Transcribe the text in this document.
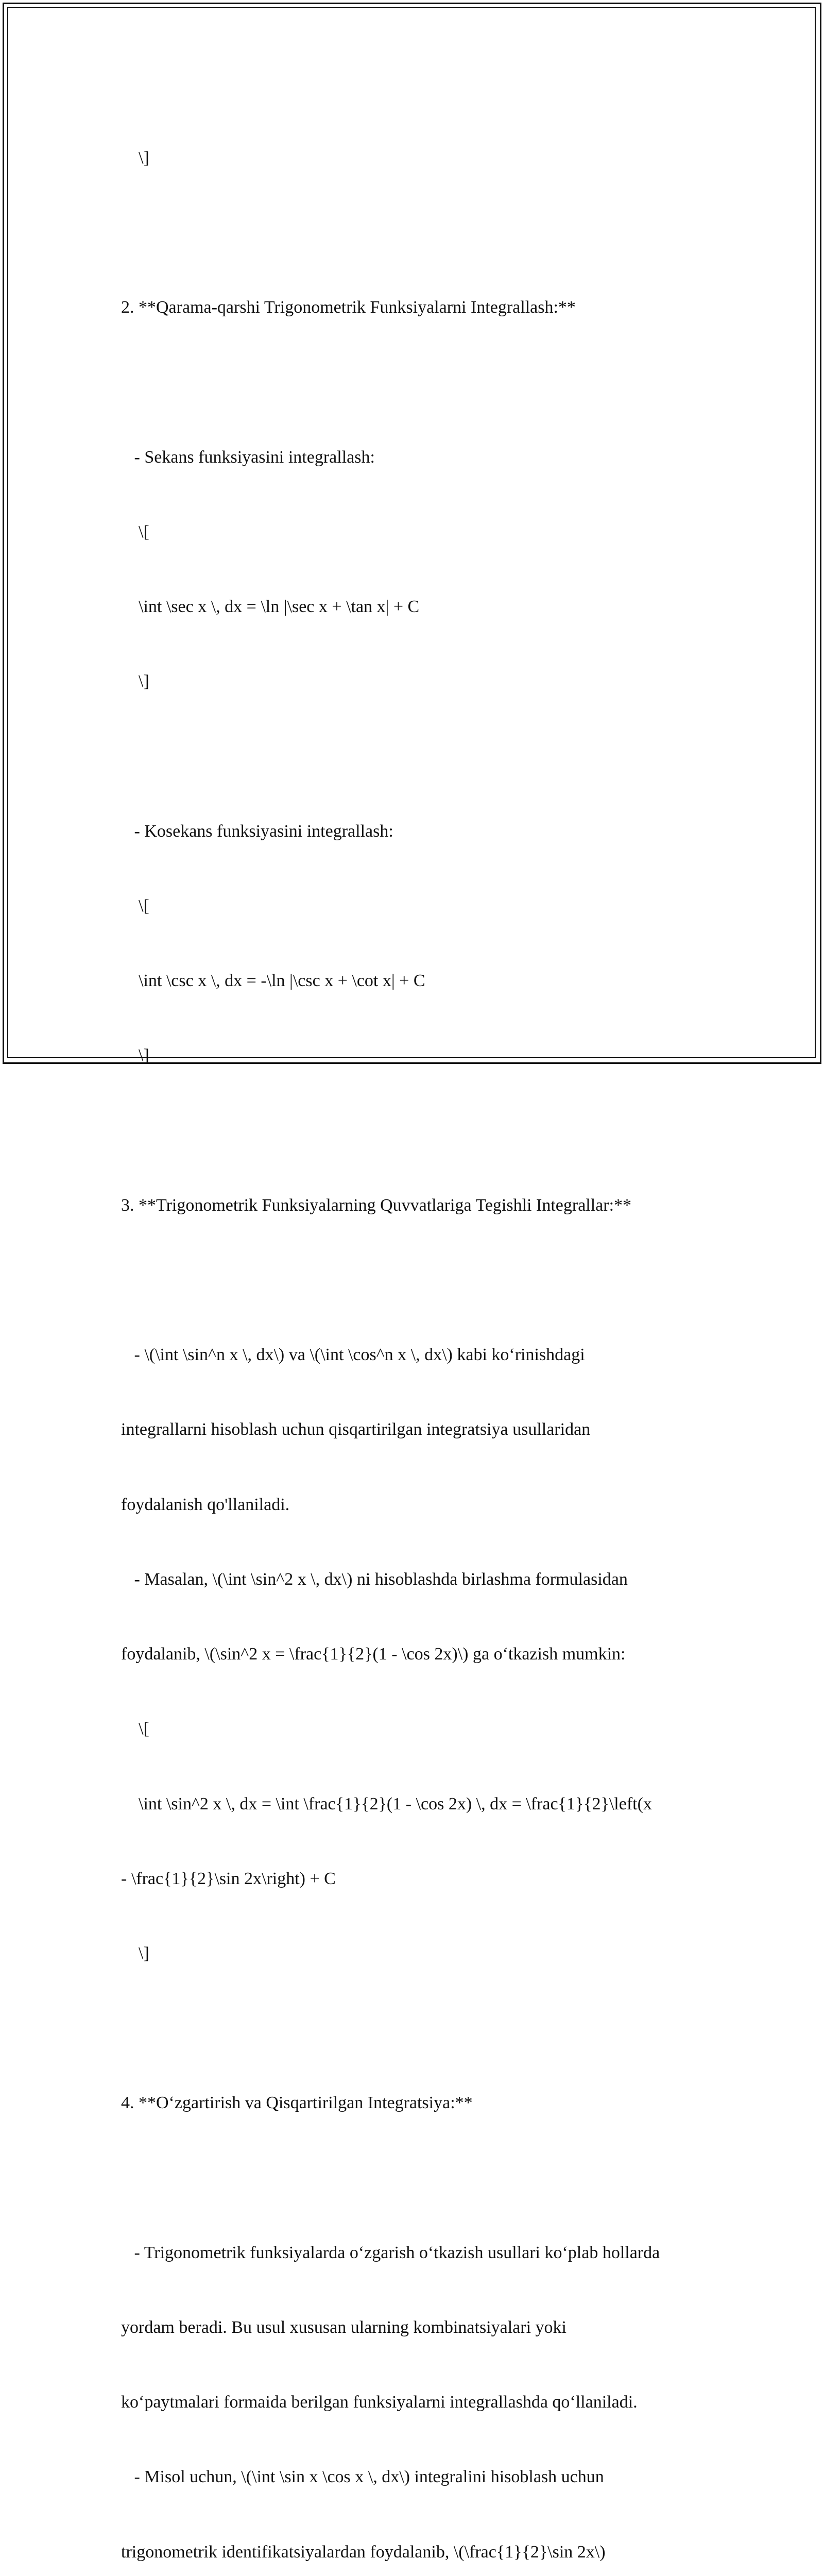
\]

2. **Qarama-qarshi Trigonometrik Funksiyalarni Integrallash:**

- Sekans funksiyasini integrallash:

\[

\int \sec x \, dx = \ln |\sec x + \tan x| + C

\]

- Kosekans funksiyasini integrallash:

\[

\int \csc x \, dx = -\ln |\csc x + \cot x| + C

\]

3. **Trigonometrik Funksiyalarning Quvvatlariga Tegishli Integrallar:**

- \(\int \sin^n x \, dx\) va \(\int \cos^n x \, dx\) kabi koʻrinishdagi

integrallarni hisoblash uchun qisqartirilgan integratsiya usullaridan

foydalanish qo'llaniladi.

- Masalan, \(\int \sin^2 x \, dx\) ni hisoblashda birlashma formulasidan

foydalanib, \(\sin^2 x = \frac{1}{2}(1 - \cos 2x)\) ga oʻtkazish mumkin:

\[

\int \sin^2 x \, dx = \int \frac{1}{2}(1 - \cos 2x) \, dx = \frac{1}{2}\left(x

- \frac{1}{2}\sin 2x\right) + C

\]

4. **Oʻzgartirish va Qisqartirilgan Integratsiya:**

- Trigonometrik funksiyalarda oʻzgarish oʻtkazish usullari koʻplab hollarda

yordam beradi. Bu usul xususan ularning kombinatsiyalari yoki

koʻpaytmalari formaida berilgan funksiyalarni integrallashda qoʻllaniladi.

- Misol uchun, \(\int \sin x \cos x \, dx\) integralini hisoblash uchun

trigonometrik identifikatsiyalardan foydalanib, \(\frac{1}{2}\sin 2x\)
